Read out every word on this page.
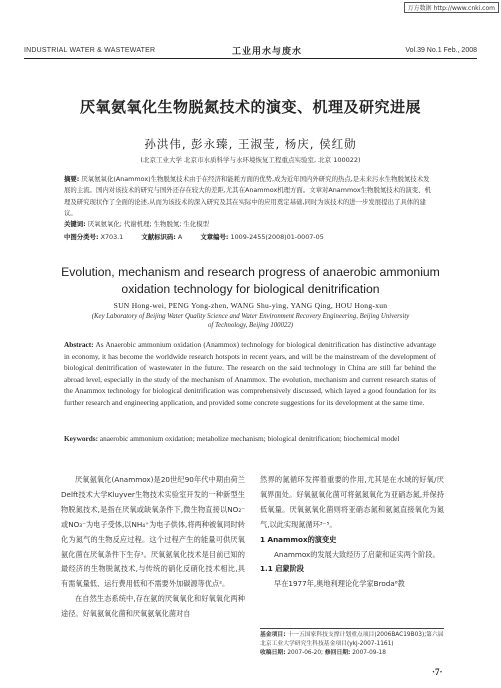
万方数据 http://www.cnki.com
INDUSTRIAL WATER & WASTEWATER	工业用水与废水	Vol.39 No.1 Feb., 2008
厌氧氨氧化生物脱氮技术的演变、机理及研究进展
孙洪伟, 彭永臻, 王淑莹, 杨庆, 侯红勋
(北京工业大学 北京市水质科学与水环境恢复工程重点实验室, 北京 100022)
摘要: 厌氧氨氧化(Anammox)生物脱氮技术由于在经济和能耗方面的优势,成为近年国内外研究的热点,是未来污水生物脱氮技术发展的主流。国内对该技术的研究与国外还存在较大的差距,尤其在Anammox机理方面。文章对Anammox生物脱氮技术的演变、机理及研究现状作了全面的论述,从而为该技术的深入研究及其在实际中的应用奠定基础,同时为该技术的进一步发展提出了具体的建议。
关键词: 厌氧氨氧化; 代谢机理; 生物脱氮; 生化模型
中图分类号: X703.1	文献标识码: A	文章编号: 1009-2455(2008)01-0007-05
Evolution, mechanism and research progress of anaerobic ammonium oxidation technology for biological denitrification
SUN Hong-wei, PENG Yong-zhen, WANG Shu-ying, YANG Qing, HOU Hong-xun
(Key Laboratory of Beijing Water Quality Science and Water Environment Recovery Engineering, Beijing University of Technology, Beijing 100022)
Abstract: As Anaerobic ammonium oxidation (Anammox) technology for biological denitrification has distinctive advantage in economy, it has become the worldwide research hotspots in recent years, and will be the mainstream of the development of biological denitrification of wastewater in the future. The research on the said technology in China are still far behind the abroad level, especially in the study of the mechanism of Anammox. The evolution, mechanism and current research status of the Anammox technology for biological denitrification was comprehensively discussed, which layed a good foundation for its further research and engineering application, and provided some concrete suggestions for its development at the same time.
Keywords: anaerobic ammonium oxidation; metabolize mechanism; biological denitrification; biochemical model

厌氧氨氧化(Anammox)是20世纪90年代中期由荷兰Delft技术大学Kluyver生物技术实验室开发的一种新型生物脱氮技术,是指在厌氧或缺氧条件下,微生物直接以NO₂⁻或NO₃⁻为电子受体,以NH₄⁺为电子供体,将两种被氧同时转化为氮气的生物反应过程。这个过程产生的能量可供厌氧氨化菌在厌氧条件下生存¹。厌氧氨氧化技术是目前已知的最经济的生物脱氮技术,与传统的硝化反硝化技术相比,具有需氧量低、运行费用低和不需要外加碳源等优点²。

在自然生态系统中,存在氨的厌氧氧化和好氧氧化两种途径。好氧氨氧化菌和厌氧氨氧化菌对自

然界的氮循环发挥着重要的作用,尤其是在水域的好氧/厌氧界面处。好氧氨氧化菌可将氨氮氧化为亚硝态氮,并保持低氧量。厌氧氨氧化菌则将亚硝态氮和氨氮直接氧化为氮气,以此实现氮循环³⁻⁵。

1 Anammox的演变史

Anammox的发展大致经历了启蒙和证实两个阶段。

1.1 启蒙阶段

早在1977年,奥地利理论化学家Broda⁶教

基金项目: 十一五国家科技支撑计划重点项目(2006BAC19B03);第六届北京工业大学研究生科技基金项目(ykj-2007-1161)
收稿日期: 2007-06-20; 修回日期: 2007-09-18
·7·
